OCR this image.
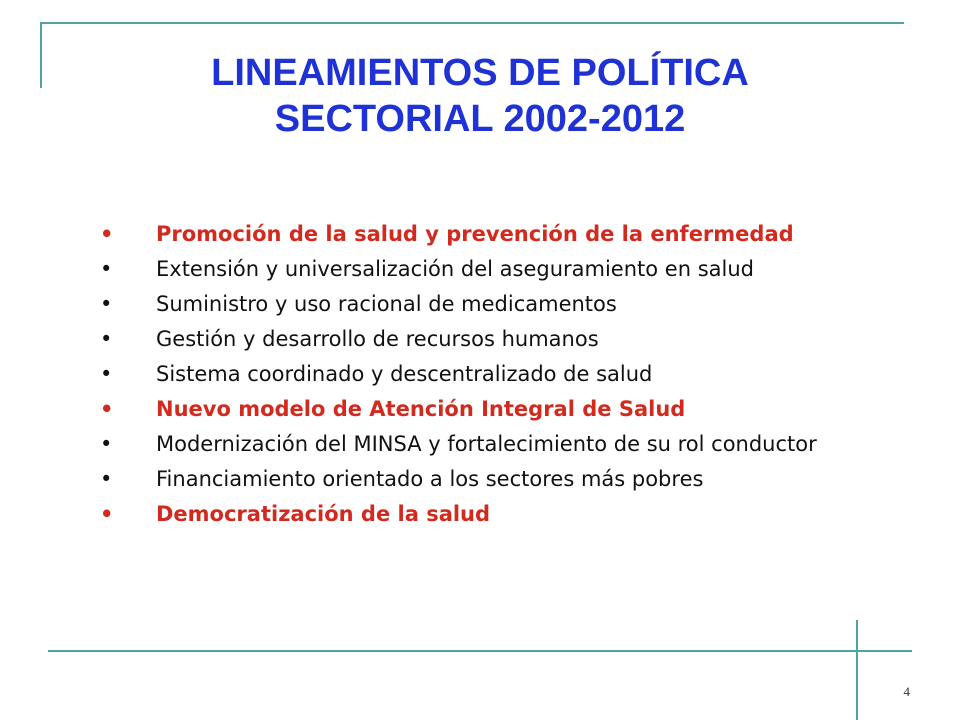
LINEAMIENTOS DE POLÍTICA
SECTORIAL 2002-2012
• Promoción de la salud y prevención de la enfermedad
• Extensión y universalización del aseguramiento en salud
• Suministro y uso racional de medicamentos
• Gestión y desarrollo de recursos humanos
• Sistema coordinado y descentralizado de salud
• Nuevo modelo de Atención Integral de Salud
• Modernización del MINSA y fortalecimiento de su rol conductor
• Financiamiento orientado a los sectores más pobres
• Democratización de la salud
4
